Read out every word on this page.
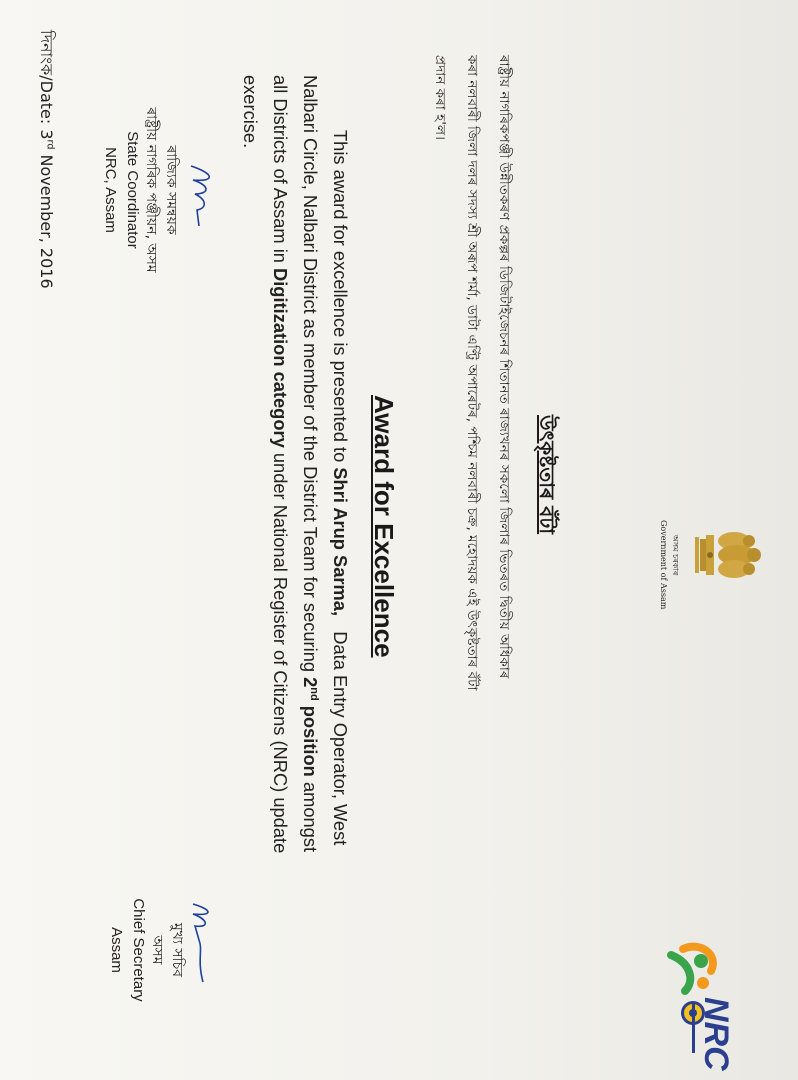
অসম চৰকাৰ
Government of Assam
NRC
উৎকৃষ্টতাৰ বঁটা
ৰাষ্ট্ৰীয় নাগৰিকপঞ্জী উন্নীতকৰণ প্ৰকল্পৰ ডিজিটাইজেচনৰ শিতানত ৰাজ্যখনৰ সকলো জিলাৰ ভিতৰত দ্বিতীয় অধিকাৰ
কৰা নলবাৰী জিলা দলৰ সদস্য শ্ৰী অৰূপ শৰ্মা, ডাটা এণ্ট্ৰি অপাৰেটৰ, পশ্চিম নলবাৰী চক্ৰ, মহোদয়ক এই উৎকৃষ্টতাৰ বঁটা
প্ৰদান কৰা হ'ল।
Award for Excellence
This award for excellence is presented to Shri Arup Sarma,   Data Entry Operator, West
Nalbari Circle, Nalbari District as member of the District Team for securing 2nd position amongst
all Districts of Assam in Digitization category under National Register of Citizens (NRC) update
exercise.
ৰাজ্যিক সমন্বয়ক
ৰাষ্ট্ৰীয় নাগৰিক পঞ্জীয়ন, অসম
State Coordinator
NRC, Assam
মুখ্য সচিব
অসম
Chief Secretary
Assam
দিনাংক/Date: 3rd November, 2016
